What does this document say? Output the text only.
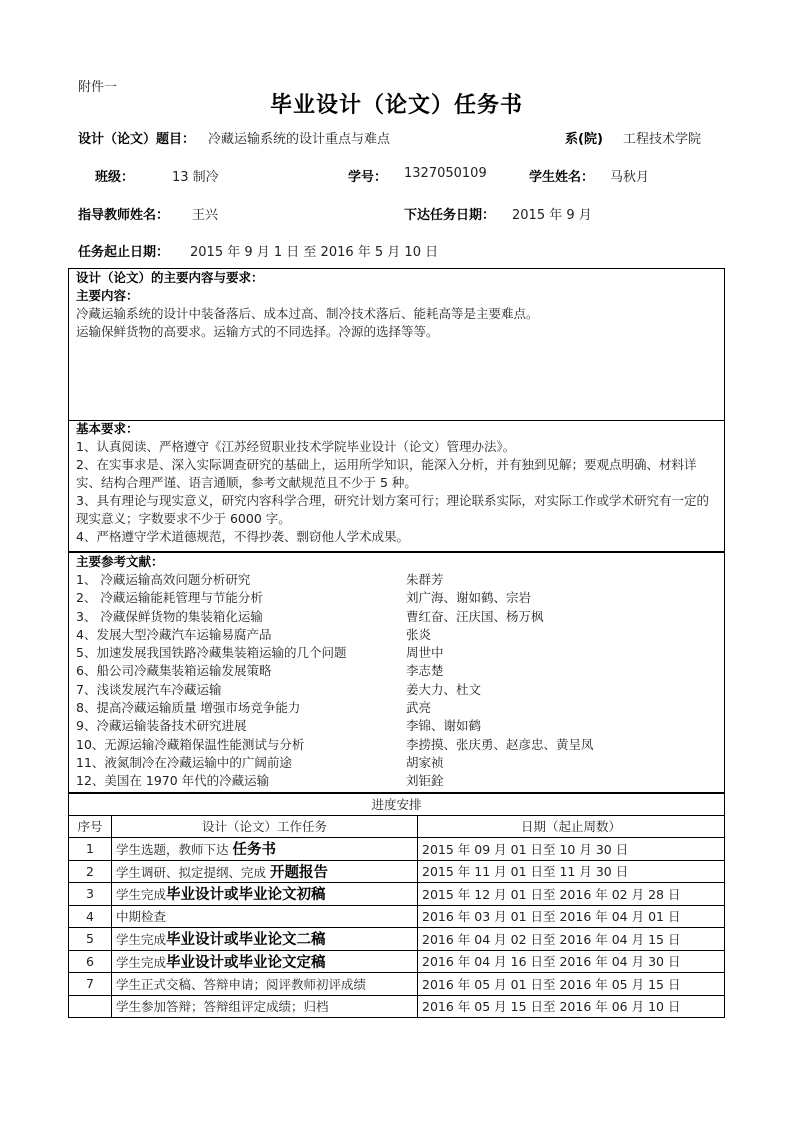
附件一
毕业设计（论文）任务书
设计（论文）题目： 冷藏运输系统的设计重点与难点	系(院) 工程技术学院
班级：	13 制冷	学号： 1327050109	学生姓名： 马秋月
指导教师姓名： 王兴	下达任务日期： 2015 年 9 月
任务起止日期： 2015 年 9 月 1 日 至 2016 年 5 月 10 日
设计（论文）的主要内容与要求：
主要内容：
冷藏运输系统的设计中装备落后、成本过高、制冷技术落后、能耗高等是主要难点。
运输保鲜货物的高要求。运输方式的不同选择。冷源的选择等等。
基本要求：
1、认真阅读、严格遵守《江苏经贸职业技术学院毕业设计（论文）管理办法》。
2、在实事求是、深入实际调查研究的基础上，运用所学知识，能深入分析，并有独到见解；要观点明确、材料详实、结构合理严谨、语言通顺，参考文献规范且不少于 5 种。
3、具有理论与现实意义，研究内容科学合理，研究计划方案可行；理论联系实际，对实际工作或学术研究有一定的现实意义；字数要求不少于 6000 字。
4、严格遵守学术道德规范，不得抄袭、剽窃他人学术成果。
主要参考文献：
1、 冷藏运输高效问题分析研究	朱群芳
2、 冷藏运输能耗管理与节能分析	刘广海、谢如鹤、宗岩
3、 冷藏保鲜货物的集装箱化运输	曹红奋、汪庆国、杨万枫
4、发展大型冷藏汽车运输易腐产品	张炎
5、加速发展我国铁路冷藏集装箱运输的几个问题	周世中
6、船公司冷藏集装箱运输发展策略	李志楚
7、浅谈发展汽车冷藏运输	姜大力、杜文
8、提高冷藏运输质量 增强市场竞争能力	武亮
9、冷藏运输装备技术研究进展	李锦、谢如鹤
10、无源运输冷藏箱保温性能测试与分析	李捞摸、张庆勇、赵彦忠、黄呈凤
11、液氮制冷在冷藏运输中的广阔前途	胡家祯
12、美国在 1970 年代的冷藏运输	刘钜銓
进度安排		
序号	设计（论文）工作任务	日期（起止周数）
1	学生选题，教师下达 任务书	2015 年 09 月 01 日至 10 月 30 日
2	学生调研、拟定提纲、完成 开题报告	2015 年 11 月 01 日至 11 月 30 日
3	学生完成毕业设计或毕业论文初稿	2015 年 12 月 01 日至 2016 年 02 月 28 日
4	中期检查	2016 年 03 月 01 日至 2016 年 04 月 01 日
5	学生完成毕业设计或毕业论文二稿	2016 年 04 月 02 日至 2016 年 04 月 15 日
6	学生完成毕业设计或毕业论文定稿	2016 年 04 月 16 日至 2016 年 04 月 30 日
7	学生正式交稿、答辩申请；阅评教师初评成绩	2016 年 05 月 01 日至 2016 年 05 月 15 日
	学生参加答辩；答辩组评定成绩；归档	2016 年 05 月 15 日至 2016 年 06 月 10 日
